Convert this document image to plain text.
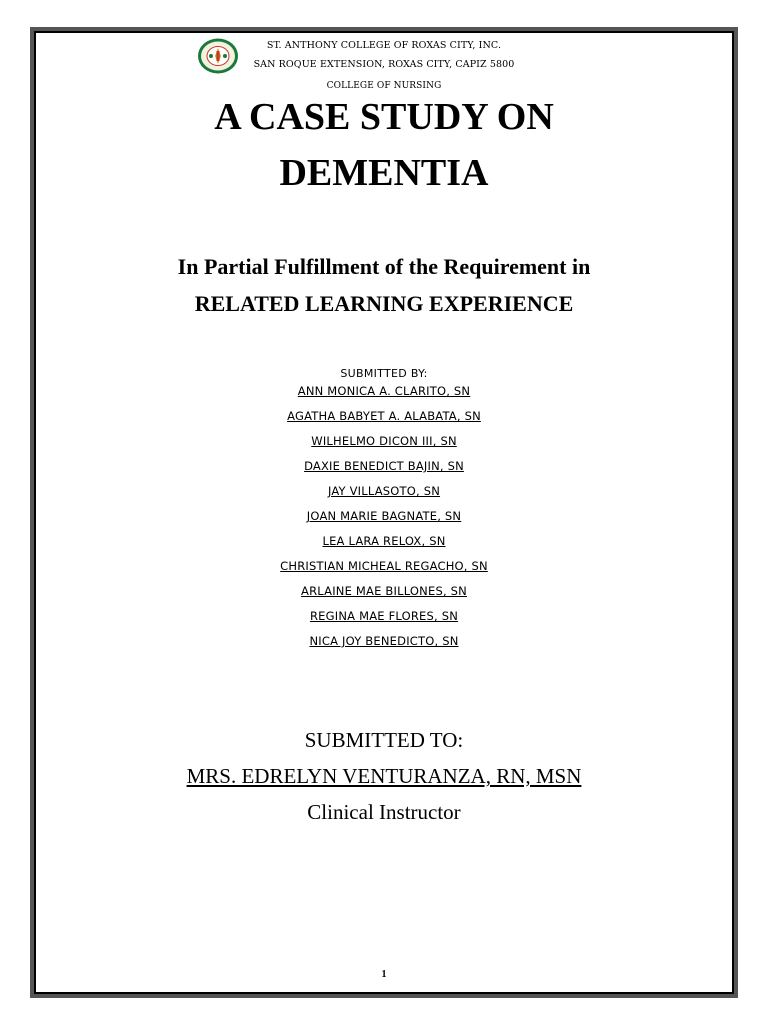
ST. ANTHONY COLLEGE OF ROXAS CITY, INC.
SAN ROQUE EXTENSION, ROXAS CITY, CAPIZ 5800
COLLEGE OF NURSING
A CASE STUDY ON
DEMENTIA
In Partial Fulfillment of the Requirement in
RELATED LEARNING EXPERIENCE
SUBMITTED BY:
ANN MONICA A. CLARITO, SN
AGATHA BABYET A. ALABATA, SN
WILHELMO DICON III, SN
DAXIE BENEDICT BAJIN, SN
JAY VILLASOTO, SN
JOAN MARIE BAGNATE, SN
LEA LARA RELOX, SN
CHRISTIAN MICHEAL REGACHO, SN
ARLAINE MAE BILLONES, SN
REGINA MAE FLORES, SN
NICA JOY BENEDICTO, SN
SUBMITTED TO:
MRS. EDRELYN VENTURANZA, RN, MSN
Clinical Instructor
1
